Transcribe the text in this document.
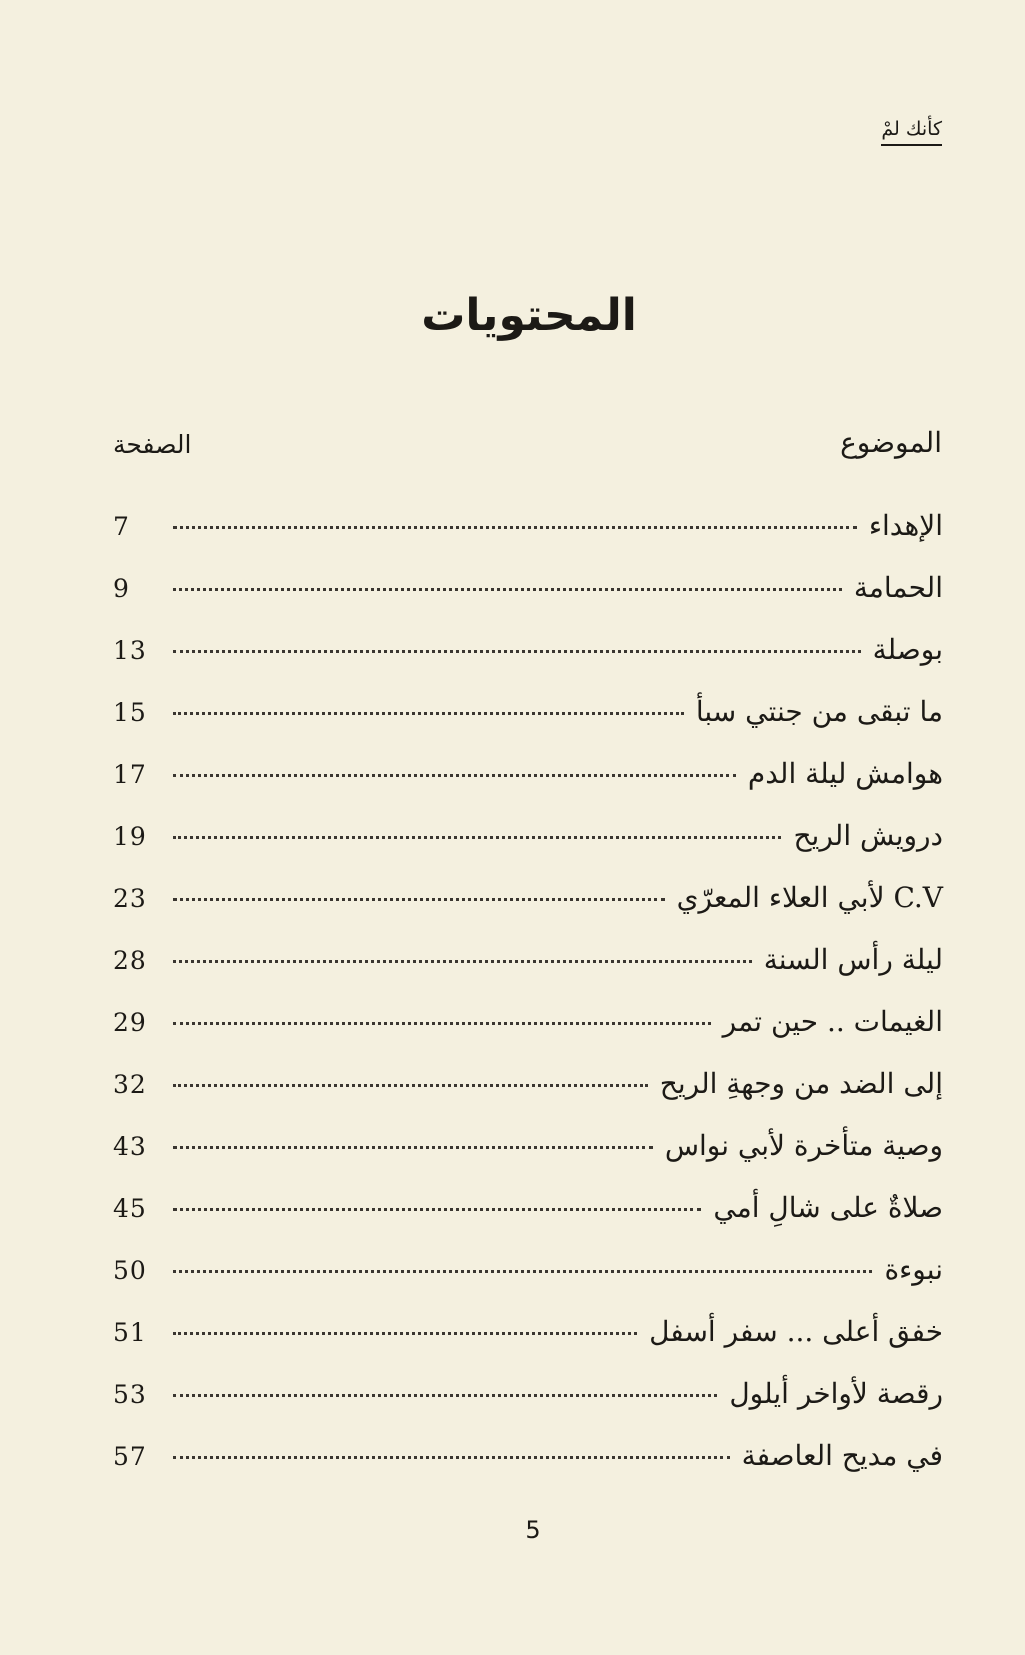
كأنك لمْ
المحتويات
الموضوع
الصفحة
الإهداء
7
الحمامة
9
بوصلة
13
ما تبقى من جنتي سبأ
15
هوامش ليلة الدم
17
درويش الريح
19
C.V لأبي العلاء المعرّي
23
ليلة رأس السنة
28
الغيمات .. حين تمر
29
إلى الضد من وجهةِ الريح
32
وصية متأخرة لأبي نواس
43
صلاةٌ على شالِ أمي
45
نبوءة
50
خفق أعلى ... سفر أسفل
51
رقصة لأواخر أيلول
53
في مديح العاصفة
57
5
